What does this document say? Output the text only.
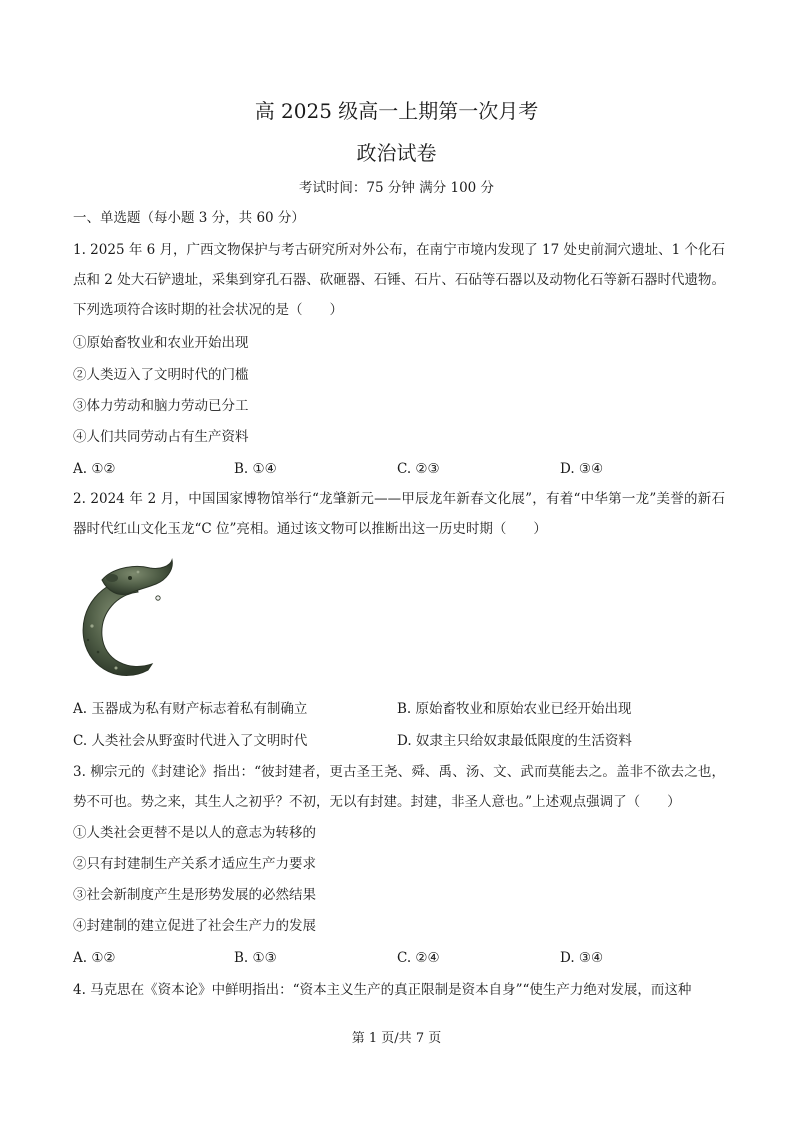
高 2025 级高一上期第一次月考
政治试卷
考试时间：75 分钟 满分 100 分
一、单选题（每小题 3 分，共 60 分）
1. 2025 年 6 月，广西文物保护与考古研究所对外公布，在南宁市境内发现了 17 处史前洞穴遗址、1 个化石点和 2 处大石铲遗址，采集到穿孔石器、砍砸器、石锤、石片、石砧等石器以及动物化石等新石器时代遗物。下列选项符合该时期的社会状况的是（　　）
①原始畜牧业和农业开始出现
②人类迈入了文明时代的门槛
③体力劳动和脑力劳动已分工
④人们共同劳动占有生产资料
A. ①②	B. ①④	C. ②③	D. ③④
2. 2024 年 2 月，中国国家博物馆举行“龙肇新元——甲辰龙年新春文化展”，有着“中华第一龙”美誉的新石器时代红山文化玉龙“C 位”亮相。通过该文物可以推断出这一历史时期（　　）
A. 玉器成为私有财产标志着私有制确立	B. 原始畜牧业和原始农业已经开始出现
C. 人类社会从野蛮时代进入了文明时代	D. 奴隶主只给奴隶最低限度的生活资料
3. 柳宗元的《封建论》指出：“彼封建者，更古圣王尧、舜、禹、汤、文、武而莫能去之。盖非不欲去之也，势不可也。势之来，其生人之初乎？不初，无以有封建。封建，非圣人意也。”上述观点强调了（　　）
①人类社会更替不是以人的意志为转移的
②只有封建制生产关系才适应生产力要求
③社会新制度产生是形势发展的必然结果
④封建制的建立促进了社会生产力的发展
A. ①②	B. ①③	C. ②④	D. ③④
4. 马克思在《资本论》中鲜明指出：“资本主义生产的真正限制是资本自身”“使生产力绝对发展，而这种
第 1 页/共 7 页
